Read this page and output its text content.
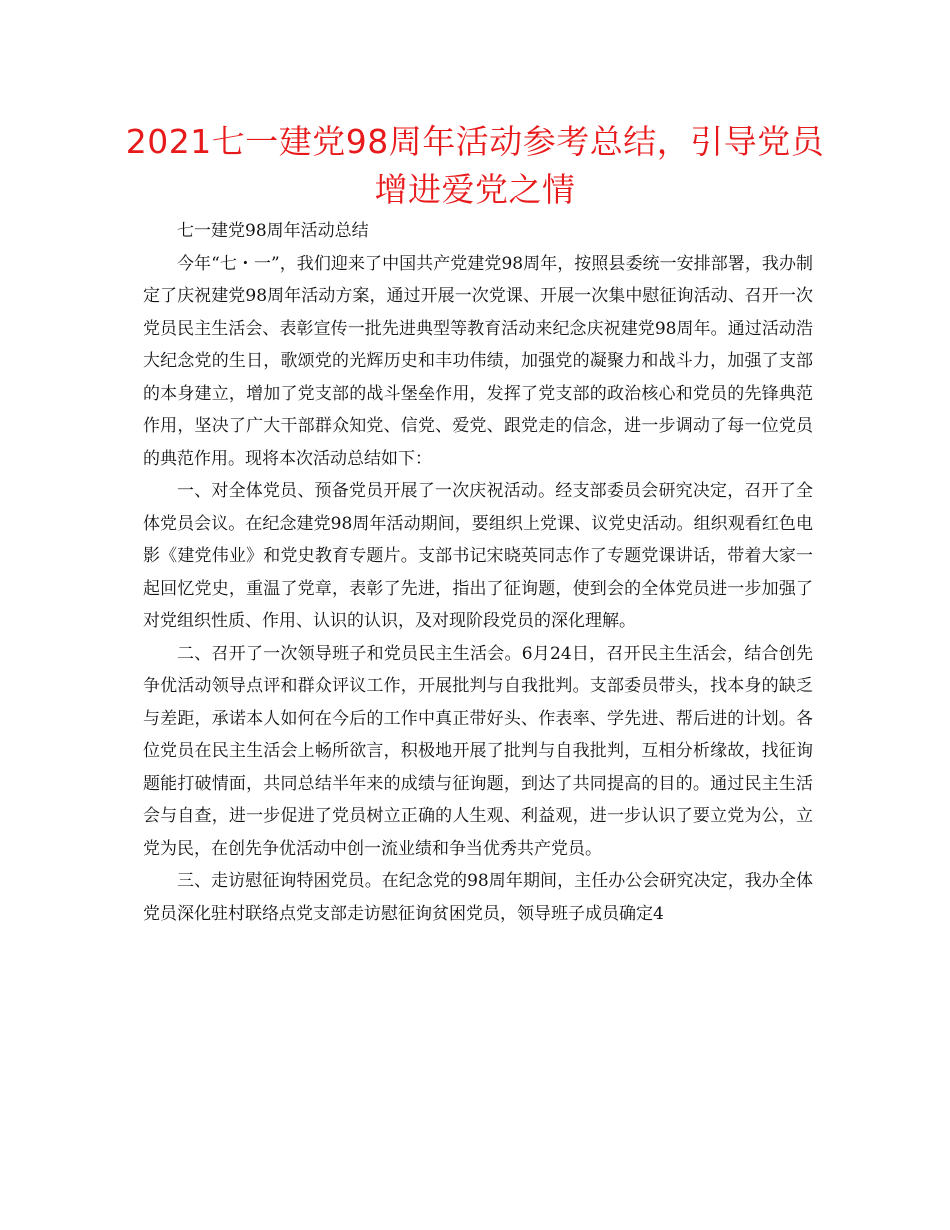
2021七一建党98周年活动参考总结，引导党员增进爱党之情

七一建党98周年活动总结

今年“七・一”，我们迎来了中国共产党建党98周年，按照县委统一安排部署，我办制定了庆祝建党98周年活动方案，通过开展一次党课、开展一次集中慰征询活动、召开一次党员民主生活会、表彰宣传一批先进典型等教育活动来纪念庆祝建党98周年。通过活动浩大纪念党的生日，歌颂党的光辉历史和丰功伟绩，加强党的凝聚力和战斗力，加强了支部的本身建立，增加了党支部的战斗堡垒作用，发挥了党支部的政治核心和党员的先锋典范作用，坚决了广大干部群众知党、信党、爱党、跟党走的信念，进一步调动了每一位党员的典范作用。现将本次活动总结如下：

一、对全体党员、预备党员开展了一次庆祝活动。经支部委员会研究决定，召开了全体党员会议。在纪念建党98周年活动期间，要组织上党课、议党史活动。组织观看红色电影《建党伟业》和党史教育专题片。支部书记宋晓英同志作了专题党课讲话，带着大家一起回忆党史，重温了党章，表彰了先进，指出了征询题，使到会的全体党员进一步加强了对党组织性质、作用、认识的认识，及对现阶段党员的深化理解。

二、召开了一次领导班子和党员民主生活会。6月24日，召开民主生活会，结合创先争优活动领导点评和群众评议工作，开展批判与自我批判。支部委员带头，找本身的缺乏与差距，承诺本人如何在今后的工作中真正带好头、作表率、学先进、帮后进的计划。各位党员在民主生活会上畅所欲言，积极地开展了批判与自我批判，互相分析缘故，找征询题能打破情面，共同总结半年来的成绩与征询题，到达了共同提高的目的。通过民主生活会与自查，进一步促进了党员树立正确的人生观、利益观，进一步认识了要立党为公，立党为民，在创先争优活动中创一流业绩和争当优秀共产党员。

三、走访慰征询特困党员。在纪念党的98周年期间，主任办公会研究决定，我办全体党员深化驻村联络点党支部走访慰征询贫困党员，领导班子成员确定4
